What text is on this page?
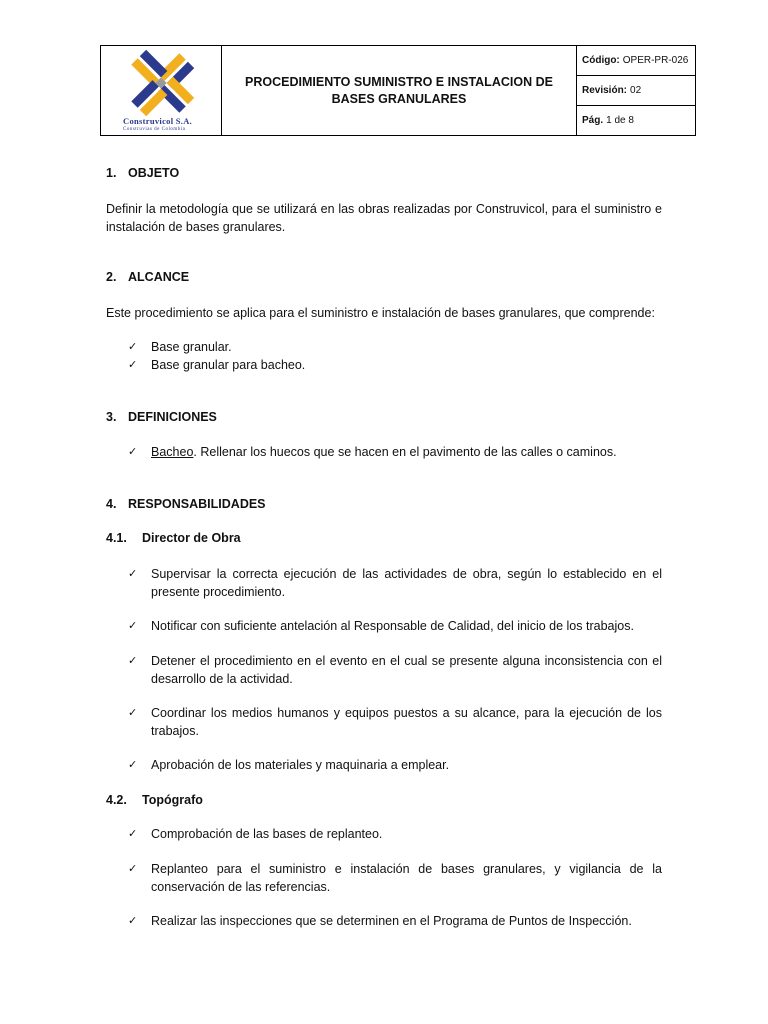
Construvicol S.A.
Construvias de Colombia
PROCEDIMIENTO SUMINISTRO E INSTALACION DE BASES GRANULARES
Código: OPER-PR-026
Revisión: 02
Pág. 1 de 8
1. OBJETO
Definir la metodología que se utilizará en las obras realizadas por Construvicol, para el suministro e instalación de bases granulares.
2. ALCANCE
Este procedimiento se aplica para el suministro e instalación de bases granulares, que comprende:
✓ Base granular.
✓ Base granular para bacheo.
3. DEFINICIONES
✓ Bacheo. Rellenar los huecos que se hacen en el pavimento de las calles o caminos.
4. RESPONSABILIDADES
4.1. Director de Obra
✓ Supervisar la correcta ejecución de las actividades de obra, según lo establecido en el presente procedimiento.
✓ Notificar con suficiente antelación al Responsable de Calidad, del inicio de los trabajos.
✓ Detener el procedimiento en el evento en el cual se presente alguna inconsistencia con el desarrollo de la actividad.
✓ Coordinar los medios humanos y equipos puestos a su alcance, para la ejecución de los trabajos.
✓ Aprobación de los materiales y maquinaria a emplear.
4.2. Topógrafo
✓ Comprobación de las bases de replanteo.
✓ Replanteo para el suministro e instalación de bases granulares, y vigilancia de la conservación de las referencias.
✓ Realizar las inspecciones que se determinen en el Programa de Puntos de Inspección.
